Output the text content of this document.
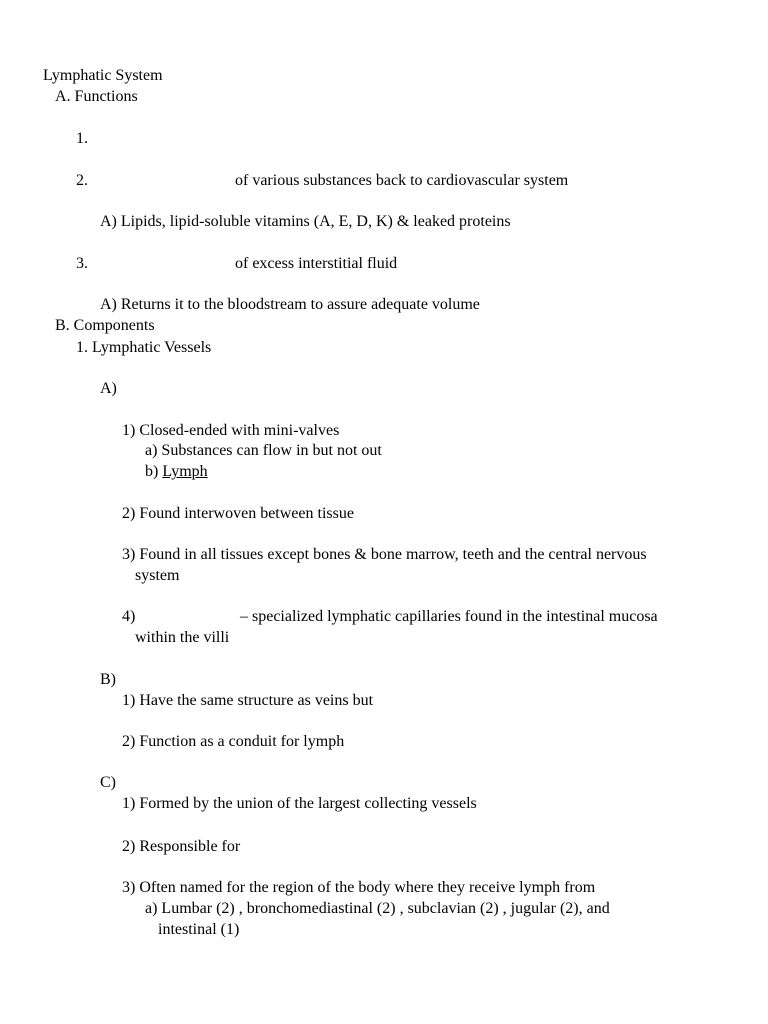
Lymphatic System
A. Functions
1.
2.	of various substances back to cardiovascular system
A) Lipids, lipid-soluble vitamins (A, E, D, K) & leaked proteins
3.	of excess interstitial fluid
A) Returns it to the bloodstream to assure adequate volume
B. Components
1. Lymphatic Vessels
A)
1) Closed-ended with mini-valves
a) Substances can flow in but not out
b) Lymph
2) Found interwoven between tissue
3) Found in all tissues except bones & bone marrow, teeth and the central nervous
system
4)	– specialized lymphatic capillaries found in the intestinal mucosa
within the villi
B)
1) Have the same structure as veins but
2) Function as a conduit for lymph
C)
1) Formed by the union of the largest collecting vessels
2) Responsible for
3) Often named for the region of the body where they receive lymph from
a) Lumbar (2) , bronchomediastinal (2) , subclavian (2) , jugular (2), and
intestinal (1)
